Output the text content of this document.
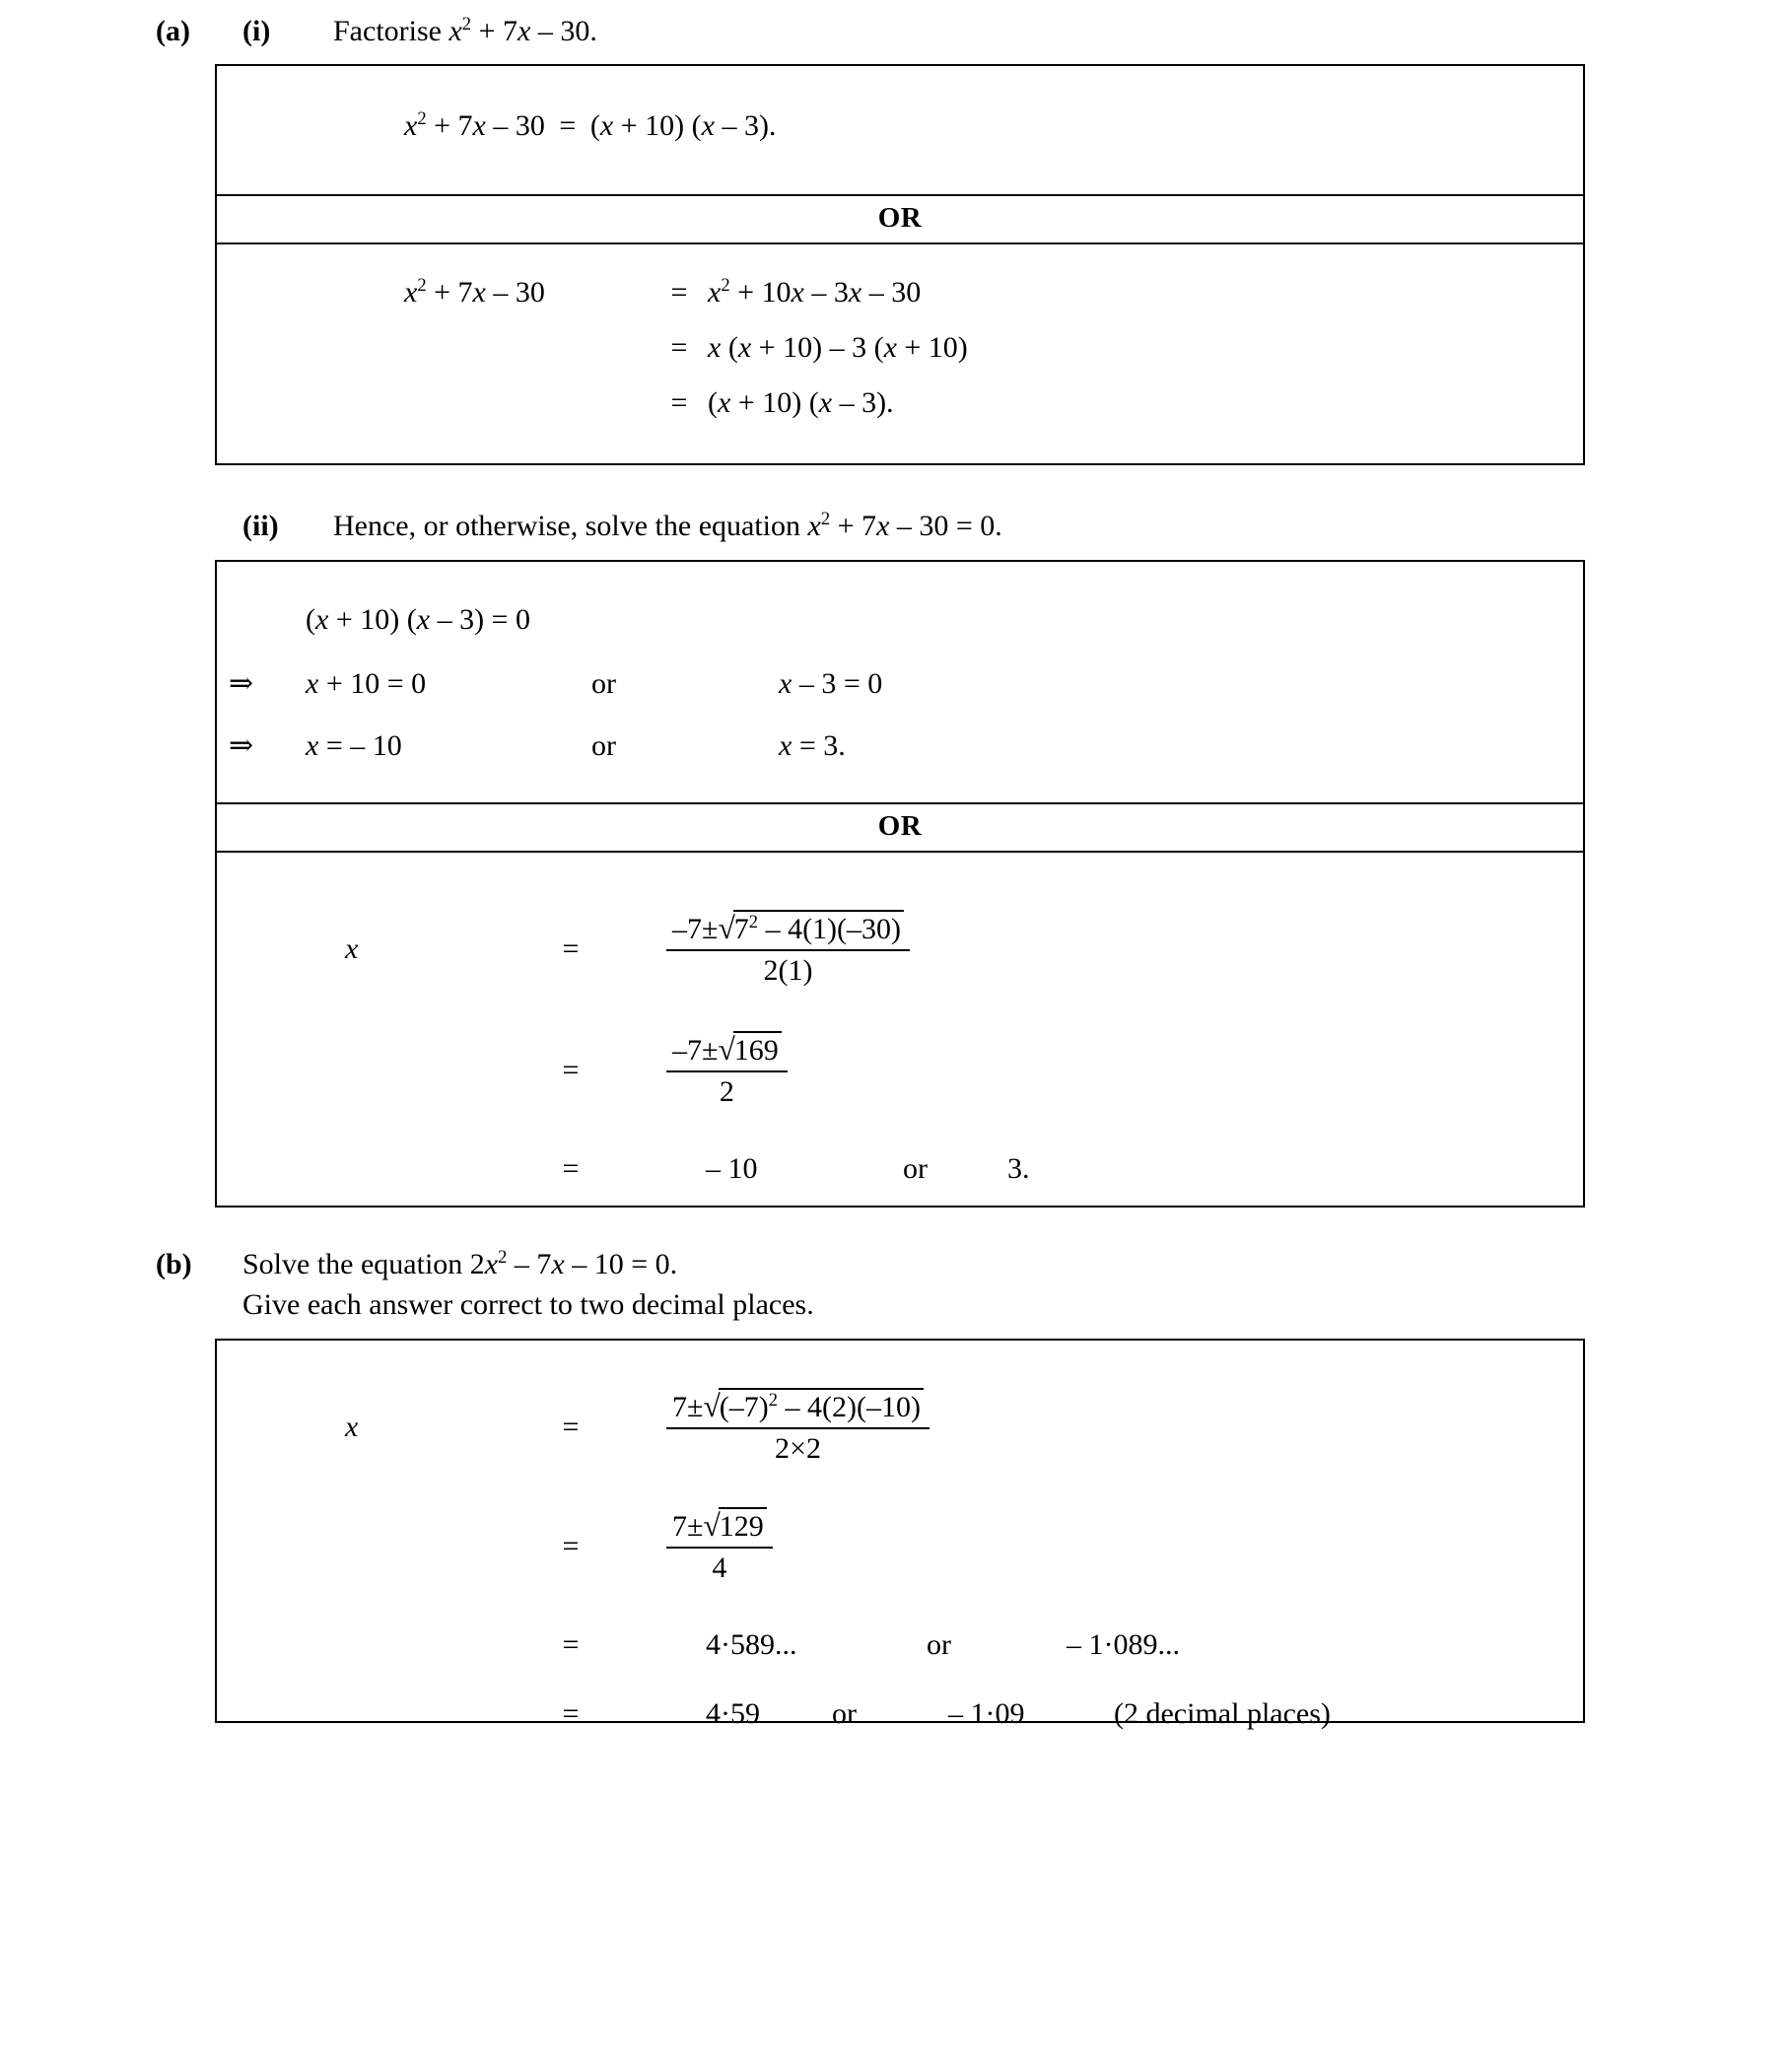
(a)	(i)	Factorise $x^2 + 7x - 30$.
$x^2 + 7x - 30 = (x + 10)$ (x – 3).
OR
$x^2 + 7x - 30$	= $x^2 + 10x - 3x - 30$
= x (x + 10) – 3 (x + 10)
= (x + 10) (x – 3).
(ii)	Hence, or otherwise, solve the equation $x^2 + 7x - 30 = 0$.
(x + 10) (x – 3) = 0
⇒	x + 10 = 0	or	x – 3 = 0
⇒	x = – 10	or	x = 3.
OR
x	=	$\frac{-7\pm√7^2 - 4(1)(-30)}{2(1)}$
=	$\frac{-7\pm√169}{2}$
=	– 10	or	3.
(b)	Solve the equation $2x^2 - 7x - 10 = 0$.
Give each answer correct to two decimal places.
x	=	$\frac{7\pm√(-7)^2 - 4(2)(-10)}{2\times 2}$
=	$\frac{7\pm√129}{4}$
=	4·589...	or	– 1·089...
=	4·59	or	– 1·09	(2 decimal places)
